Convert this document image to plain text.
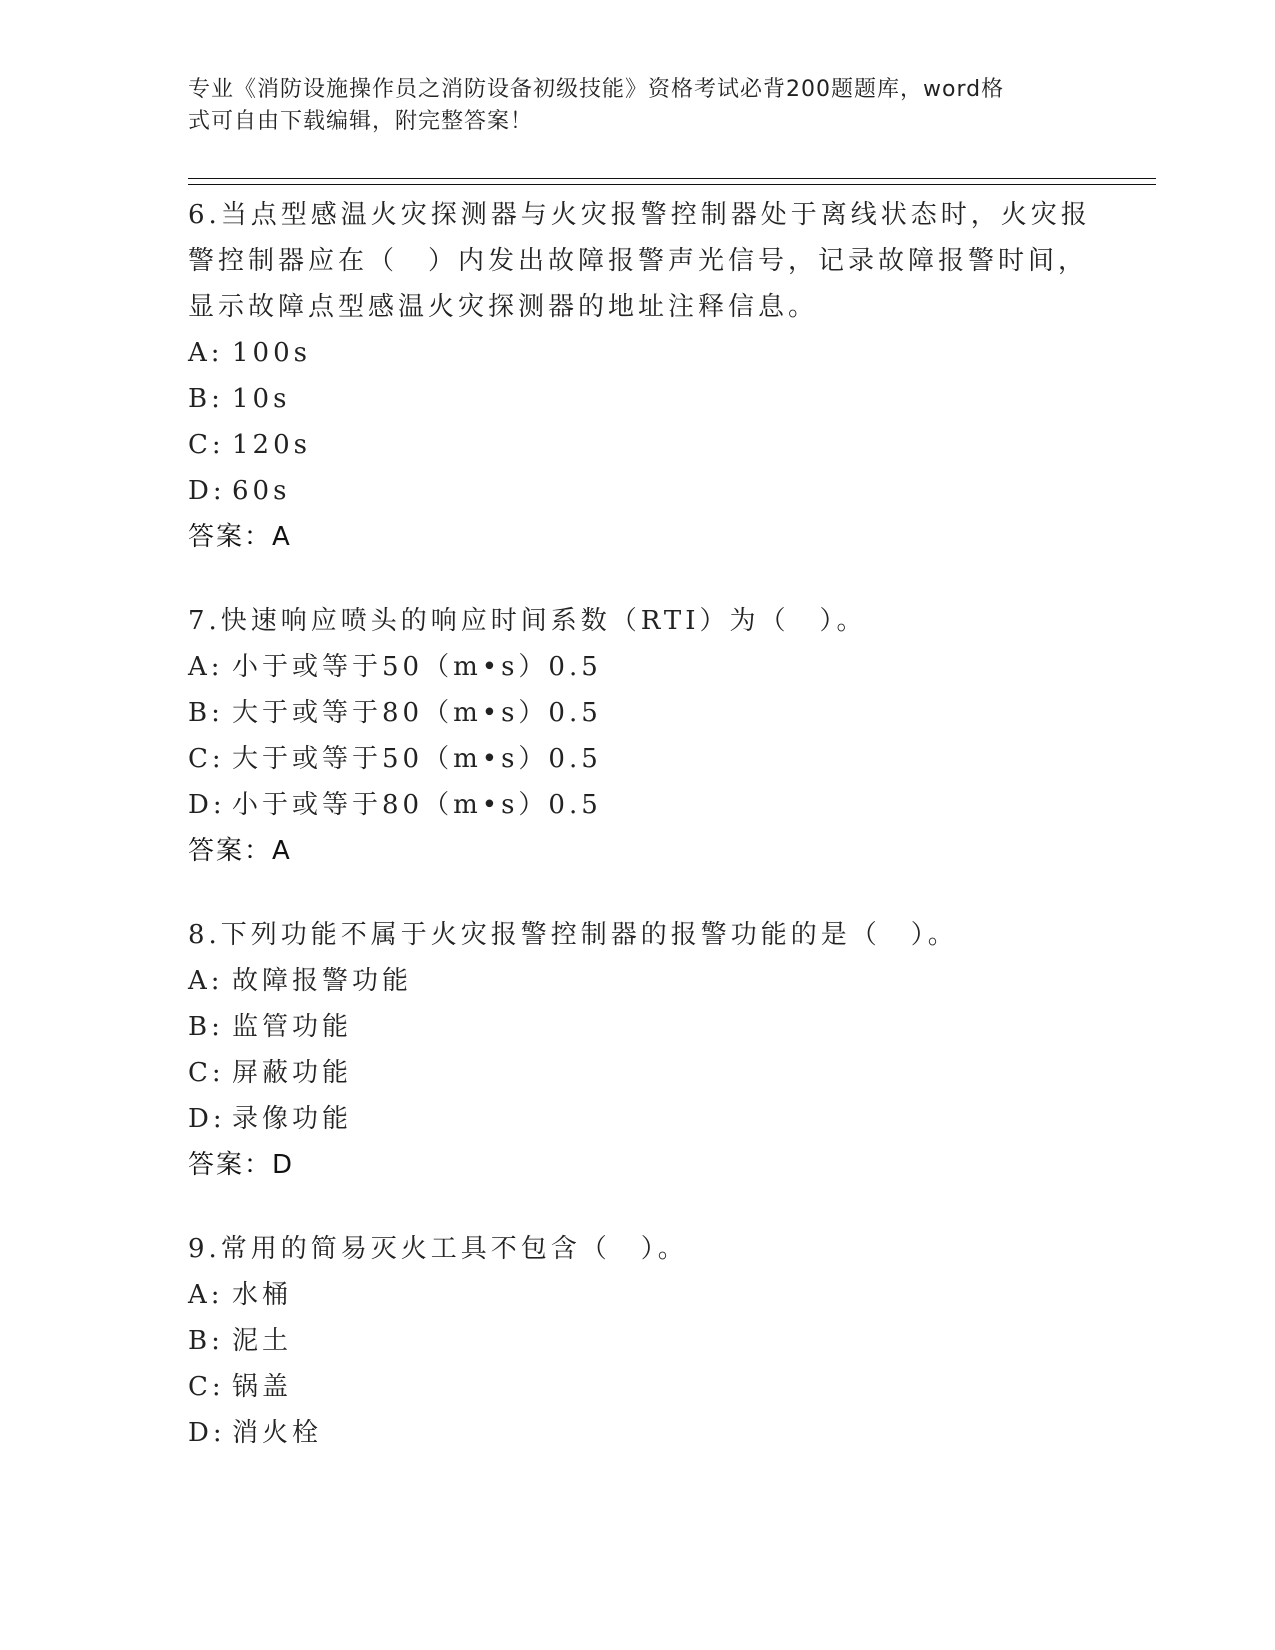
专业《消防设施操作员之消防设备初级技能》资格考试必背200题题库，word格
式可自由下载编辑，附完整答案！
6.当点型感温火灾探测器与火灾报警控制器处于离线状态时，火灾报
警控制器应在（　）内发出故障报警声光信号，记录故障报警时间，
显示故障点型感温火灾探测器的地址注释信息。
A: 100s
B: 10s
C: 120s
D: 60s
答案：A
7.快速响应喷头的响应时间系数（RTI）为（　）。
A: 小于或等于50（m•s）0.5
B: 大于或等于80（m•s）0.5
C: 大于或等于50（m•s）0.5
D: 小于或等于80（m•s）0.5
答案：A
8.下列功能不属于火灾报警控制器的报警功能的是（　）。
A: 故障报警功能
B: 监管功能
C: 屏蔽功能
D: 录像功能
答案：D
9.常用的简易灭火工具不包含（　）。
A: 水桶
B: 泥土
C: 锅盖
D: 消火栓
